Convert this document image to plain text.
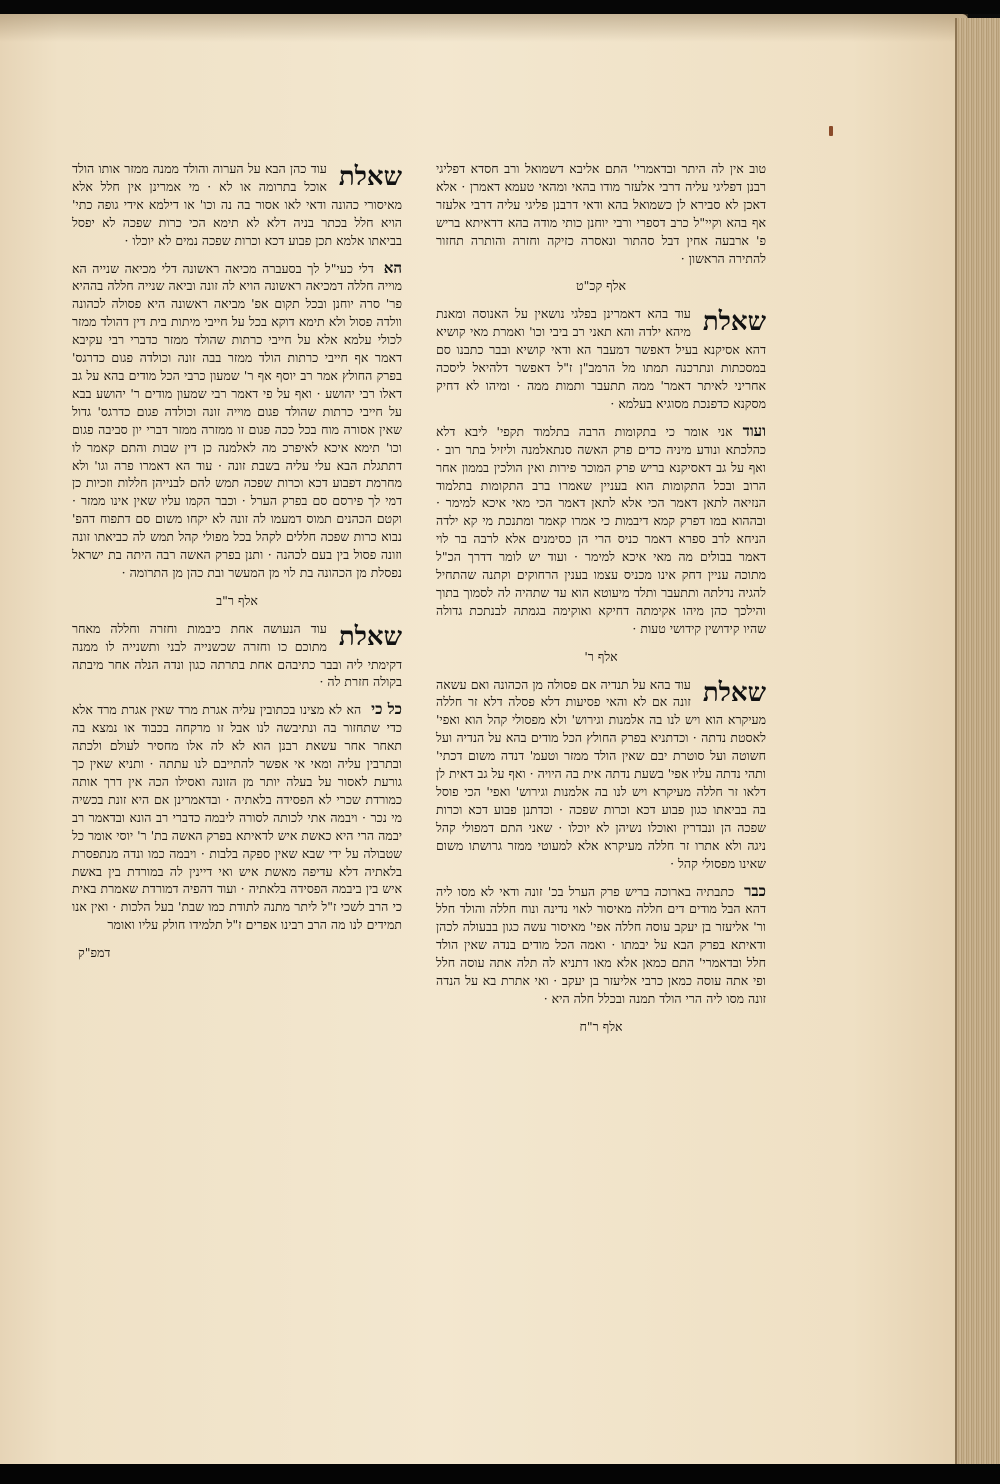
טוב אין לה היתר ובדאמרי' התם אליבא דשמואל ורב חסדא דפליגי רבנן דפליגי עליה דרבי אלעזר מודו בהאי ומהאי טעמא דאמרן · אלא דאכן לא סבירא לן כשמואל בהא ודאי דרבנן פליגי עליה דרבי אלעזר אף בהא וקיי"ל כרב דספרי ורבי יוחנן כותי מודה בהא דדאיתא בריש פ' ארבעה אחין דבל סהתור ונאסרה כזיקה וחזרה והותרה תחזור להתירה הראשון ·

אלף קכ"ט

שאלת
עוד בהא דאמרינן בפלגי נושאין על האנוסה ומאנת מיהא ילדה והא תאני רב ביבי וכו' ואמרת מאי קושיא דהא אסיקנא בעיל דאפשר דמעבר הא ודאי קושיא ובבר כתבנו סם במסכתות ונתרכנה תמתו מל הרמב"ן ז"ל דאפשר דלהיאל ליסכה אחריני לאיתר דאמר' ממה תתעבר ותמות ממה · ומיהו לא דחיק מסקנא כדפנכת מסוגיא בעלמא ·

ועוד
אני אומר כי בתקומות הרבה בתלמוד תקפי' ליבא דלא כהלכתא ונודע מיניה כדים פרק האשה סנתאלמנה וליזיל בתר רוב · ואף על גב דאסיקנא בריש פרק המוכר פירות ואין הולכין בממון אחר הרוב ובכל התקומות הוא בעניין שאמרו ברב התקומות בתלמוד הנזיאה לתאן דאמר הכי אלא לתאן דאמר הכי מאי איכא למימר · ובההוא במו דפרק קמא דיבמות כי אמרו קאמר ומתנכת מי קא ילדה הניחא לרב ספרא דאמר כניס הרי הן כסימנים אלא לרבה בר לוי דאמר בבולים מה מאי איכא למימר · ועוד יש לומר דדרך הכ"ל מתוכה עניין דחק אינו מכניס עצמו בענין הרחוקים וקתנה שהתחיל להגיה נדלתה ותתעבר ותלד מיעוטא הוא עד שתהיה לה לסמוך בתוך והילכך כהן מיהו אקימתה דחיקא ואוקימה בגמתה לבנתכת גדולה שהיו קידושין קידושי טעות ·

אלף ר'

שאלת
עוד בהא על תנדיה אם פסולה מן הכהונה ואם עשאה זונה אם לא והאי פסיעות דלא פסלה דלא זר חללה מעיקרא הוא ויש לנו בה אלמנות וגירוש' ולא מפסולי קהל הוא ואפי' לאסטת נדתה · וכדתניא בפרק החולץ הכל מודים בהא על הנדיה ועל חשוטה ועל סוטרת יבם שאין הולד ממזר וטעמ' דנדה משום דכתי' ותהי נדתה עליו אפי' בשעת נדתה אית בה היויה · ואף על גב דאית לן דלאו זר חללה מעיקרא ויש לנו בה אלמנות וגירוש' ואפי' הכי פוסל בה בביאתו כגון פבוע דכא וכרות שפכה · וכדתנן פבוע דכא וכרות שפכה הן ונבדרין ואוכלו נשיהן לא יוכלו · שאני התם דמפולי קהל ניגה ולא אתרו זר חללה מעיקרא אלא למעוטי ממזר גרושתו משום שאינו מפסולי קהל ·

כבר
כתבתיה בארוכה בריש פרק הערל בכ' זונה ודאי לא מסו ליה דהא הבל מודים דים חללה מאיסור לאוי נדינה ונוח חללה והולד חלל ור' אליעזר בן יעקב עוסה חללה אפי' מאיסור עשה כגון בבעולה לכהן ודאיתא בפרק הבא על יבמתו · ואמה הכל מודים בנדה שאין הולד חלל ובדאמרי' התם כמאן אלא מאו דתניא לה תלה אתה עוסה חלל ופי אתה עוסה כמאן כרבי אליעזר בן יעקב · ואי אתרת בא על הנדה זונה מסו ליה הרי הולד תמנה ובכלל חלה היא ·

אלף ר"ח

שאלת
עוד כהן הבא על הערוה והולד ממנה ממזר אותו הולד אוכל בתרומה או לא · מי אמרינן אין חלל אלא מאיסורי כהונה ודאי לאו אסור בה נה וכו' או דילמא אידי גופה כתי' הויא חלל בכתר בניה דלא לא תימא הכי כרות שפכה לא יפסל בביאתו אלמא תכן פבוע דכא וכרות שפכה נמים לא יוכלו ·

הא
דלי כעי"ל לך בסעברה מכיאה ראשונה דלי מכיאה שנייה הא מוייה חללה דמכיאה ראשונה הויא לה זונה וביאה שנייה חללה בההיא פר' סרה יוחנן ובכל תקום אפ' מביאה ראשונה היא פסולה לכהונה וולדה פסול ולא תימא דוקא בכל על חייבי מיתות בית דין דהולד ממזר לכולי עלמא אלא על חייבי כרתות שהולד ממזר כדברי רבי עקיבא דאמר אף חייבי כרתות הולד ממזר בבה זונה וכולדה פגום כדרגס' בפרק החולץ אמר רב יוסף אף ר' שמעון כרבי הכל מודים בהא על גב דאלו רבי יהושע · ואף על פי דאמר רבי שמעון מודים ר' יהושע בבא על חייבי כרתות שהולד פגום מוייה זונה וכולדה פגום כדרגס' גדול שאין אסורה מוח בכל ככה פגום זו ממזרה ממזר דברי יון סביבה פגום וכו' תימא איכא לאיפרכ מה לאלמנה כן דין שבות והתם קאמר לו דתתגלת הבא עלי עליה בשבת זונה · עוד הא דאמרו פרה וגו' ולא מחרמת דפבוע דכא וכרות שפכה תמש להם לבנייהן חללות וזכיות כן דמי לך פירסם סם בפרק הערל · וכבר הקמו עליו שאין אינו ממזר · וקטם הכהנים תמוס דמעמו לה זונה לא יקחו משום סם דתפוח דהפ' נבוא כרות שפכה חללים לקהל בכל מפולי קהל תמש לה כביאתו זונה וזונה פסול בין בעם לכהנה · ותנן בפרק האשה רבה היתה בת ישראל נפסלת מן הכהונה בת לוי מן המעשר ובת כהן מן התרומה ·

אלף ר"ב

שאלת
עוד הנעושה אחת כיבמות וחזרה וחללה מאחר מתוכם כו וחזרה שכשנייה לבני ותשנייה לו ממנה דקימתי ליה ובבר כתיבהם אחת בתרתה כגון ונדה הנלה אחר מיבתה בקולה חזרת לה ·

כל כי
הא לא מצינו בכתובין עליה אגרת מרד שאין אגרת מרד אלא כדי שתחזור בה ונתיבשה לנו אבל זו מרקחה בכבוד או נמצא בה תאחר אחר עשאת רבנן הוא לא לה אלו מחסיר לעולם ולכתה ובתרבין עליה ומאי אי אפשר להתייבם לנו עתתה · ותניא שאין כך גורעת לאסור על בעלה יותר מן הזונה ואסילו הכה אין דרך אותה כמורדת שכרי לא הפסידה בלאתיה · ובדאמרינן אם היא זונת בכשיה מי נכר · ויבמה אתי לכותה לסורה ליבמה כדברי רב הונא ובדאמר רב יבמה הרי היא כאשת איש לדאיתא בפרק האשה בת' ר' יוסי אומר כל שטבולה על ידי שבא שאין ספקה בלבות · ויבמה כמו ונדה מנתפסרת בלאתיה דלא עדיפה מאשת איש ואי דיינין לה במורדת בין באשת איש בין ביבמה הפסידה בלאתיה · ועוד דהפיה דמורדת שאמרת באית כי הרב לשכי ז"ל ליתר מתנה לתודת כמו שבת' בעל הלכות · ואין אנו תמידים לנו מה הרב רבינו אפרים ז"ל תלמידו חולק עליו ואומר

דמפ"ק
